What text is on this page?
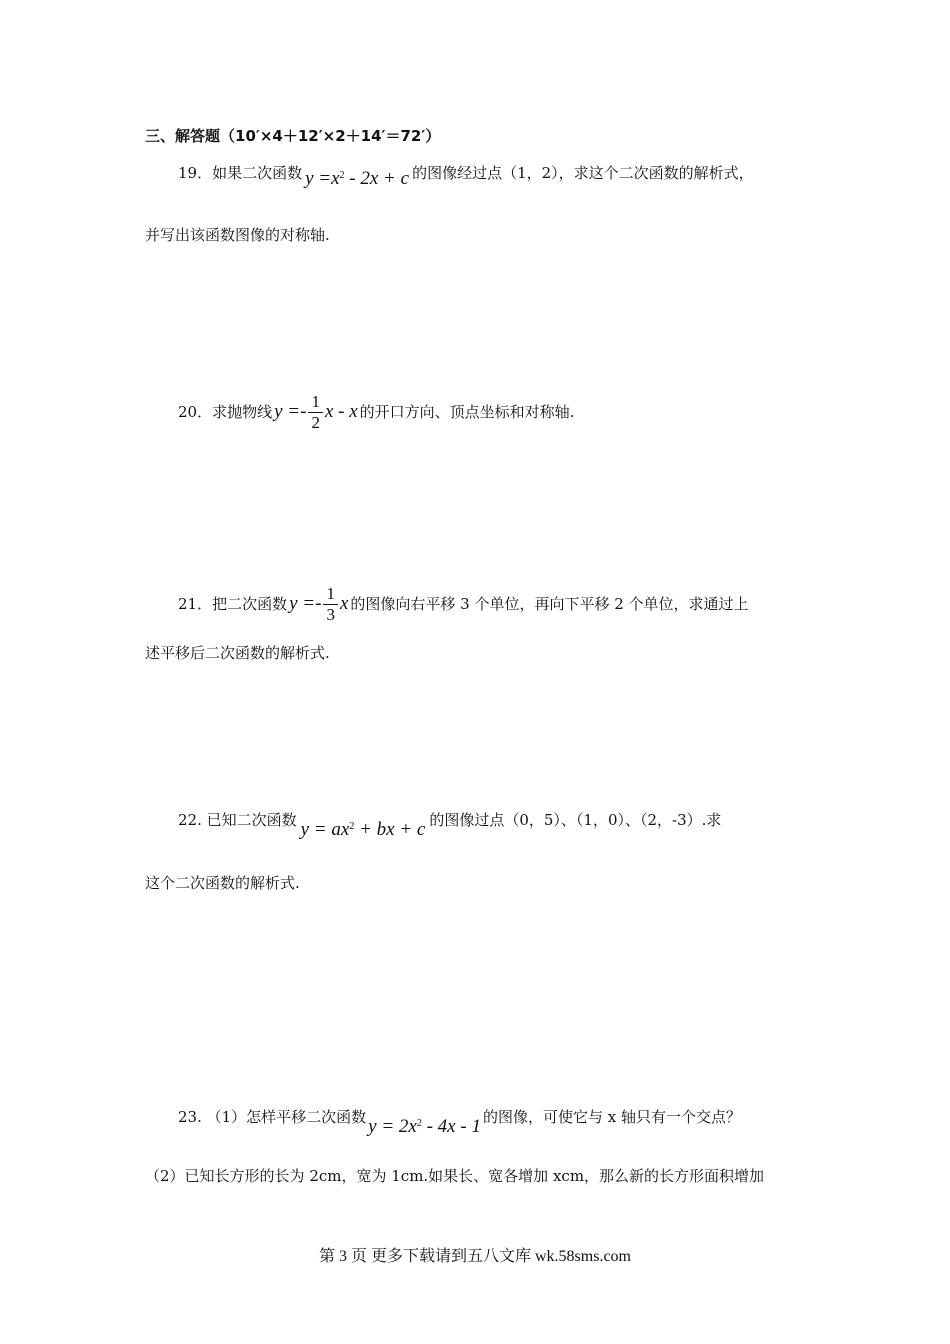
三、解答题（10′×4＋12′×2＋14′＝72′）
19．如果二次函数 $y =x^2 - 2x + c$ 的图像经过点（1，2），求这个二次函数的解析式，
并写出该函数图像的对称轴.
20．求抛物线 $y =- \frac{1}{2}$ x - x 的开口方向、顶点坐标和对称轴.
21．把二次函数 $y =- \frac{1}{3}$ x 的图像向右平移 3 个单位，再向下平移 2 个单位，求通过上
述平移后二次函数的解析式.
22. 已知二次函数 $y = ax^2$ + bx + c 的图像过点（0，5）、（1，0）、（2，-3）.求
这个二次函数的解析式.
23. （1）怎样平移二次函数 $y = 2x^2 - 4x - 1$ 的图像，可使它与 x 轴只有一个交点？
（2）已知长方形的长为 2cm，宽为 1cm.如果长、宽各增加 xcm，那么新的长方形面积增加
第 3 页 更多下载请到五八文库 wk.58sms.com
